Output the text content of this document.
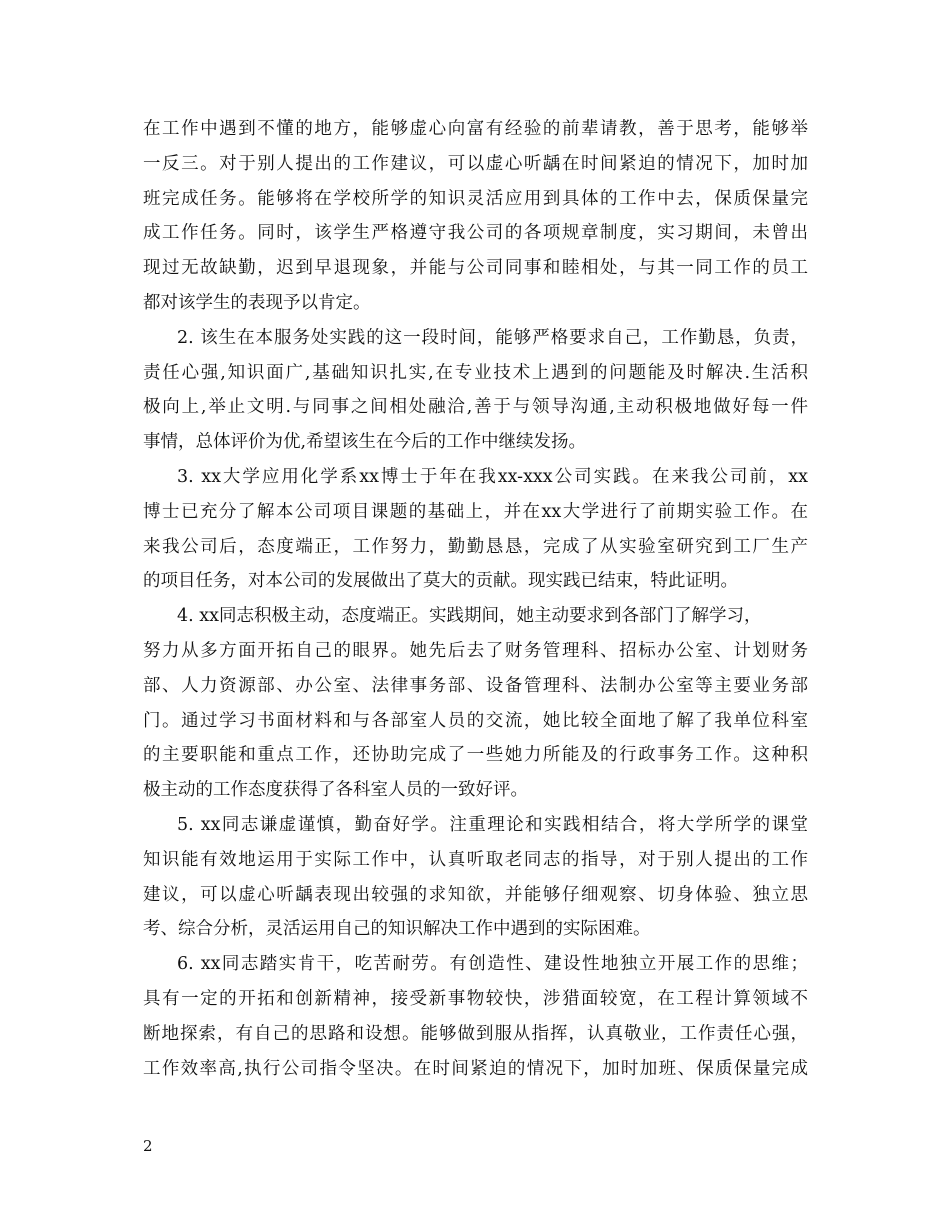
在工作中遇到不懂的地方，能够虚心向富有经验的前辈请教，善于思考，能够举
一反三。对于别人提出的工作建议，可以虚心听龋在时间紧迫的情况下，加时加
班完成任务。能够将在学校所学的知识灵活应用到具体的工作中去，保质保量完
成工作任务。同时，该学生严格遵守我公司的各项规章制度，实习期间，未曾出
现过无故缺勤，迟到早退现象，并能与公司同事和睦相处，与其一同工作的员工
都对该学生的表现予以肯定。
2. 该生在本服务处实践的这一段时间，能够严格要求自己，工作勤恳，负责，
责任心强,知识面广,基础知识扎实,在专业技术上遇到的问题能及时解决.生活积
极向上,举止文明.与同事之间相处融洽,善于与领导沟通,主动积极地做好每一件
事情，总体评价为优,希望该生在今后的工作中继续发扬。
3. xx大学应用化学系xx博士于年在我xx-xxx公司实践。在来我公司前，xx
博士已充分了解本公司项目课题的基础上，并在xx大学进行了前期实验工作。在
来我公司后，态度端正，工作努力，勤勤恳恳，完成了从实验室研究到工厂生产
的项目任务，对本公司的发展做出了莫大的贡献。现实践已结束，特此证明。
4. xx同志积极主动，态度端正。实践期间，她主动要求到各部门了解学习，
努力从多方面开拓自己的眼界。她先后去了财务管理科、招标办公室、计划财务
部、人力资源部、办公室、法律事务部、设备管理科、法制办公室等主要业务部
门。通过学习书面材料和与各部室人员的交流，她比较全面地了解了我单位科室
的主要职能和重点工作，还协助完成了一些她力所能及的行政事务工作。这种积
极主动的工作态度获得了各科室人员的一致好评。
5. xx同志谦虚谨慎，勤奋好学。注重理论和实践相结合，将大学所学的课堂
知识能有效地运用于实际工作中，认真听取老同志的指导，对于别人提出的工作
建议，可以虚心听龋表现出较强的求知欲，并能够仔细观察、切身体验、独立思
考、综合分析，灵活运用自己的知识解决工作中遇到的实际困难。
6. xx同志踏实肯干，吃苦耐劳。有创造性、建设性地独立开展工作的思维；
具有一定的开拓和创新精神，接受新事物较快，涉猎面较宽，在工程计算领域不
断地探索，有自己的思路和设想。能够做到服从指挥，认真敬业，工作责任心强，
工作效率高,执行公司指令坚决。在时间紧迫的情况下，加时加班、保质保量完成
2
